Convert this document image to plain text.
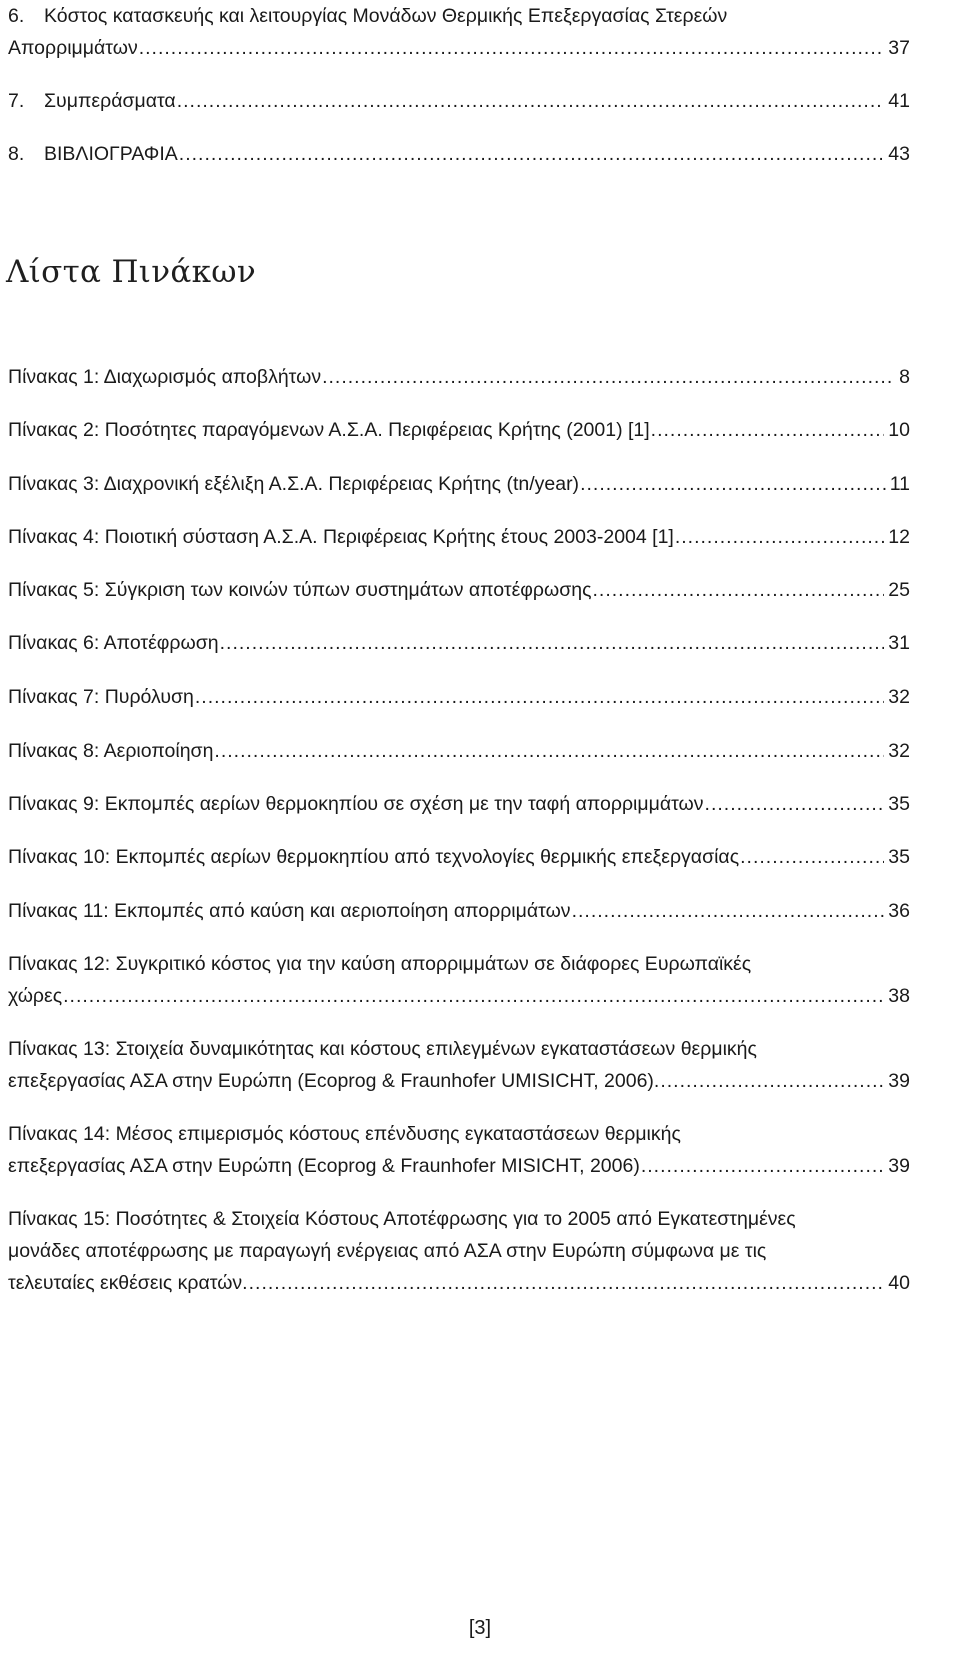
6. Κόστος κατασκευής και λειτουργίας Μονάδων Θερμικής Επεξεργασίας Στερεών
Απορριμμάτων .....	37
7.	Συμπεράσματα .....	41
8.	ΒΙΒΛΙΟΓΡΑΦΙΑ .....	43
Λίστα Πινάκων
Πίνακας 1: Διαχωρισμός αποβλήτων .....	8
Πίνακας 2: Ποσότητες παραγόμενων Α.Σ.Α. Περιφέρειας Κρήτης (2001) [1] .....	10
Πίνακας 3: Διαχρονική εξέλιξη Α.Σ.Α. Περιφέρειας Κρήτης (tn/year) .....	11
Πίνακας 4: Ποιοτική σύσταση Α.Σ.Α. Περιφέρειας Κρήτης έτους 2003-2004 [1] .....	12
Πίνακας 5: Σύγκριση των κοινών τύπων συστημάτων αποτέφρωσης .....	25
Πίνακας 6: Αποτέφρωση .....	31
Πίνακας 7: Πυρόλυση .....	32
Πίνακας 8: Αεριοποίηση .....	32
Πίνακας 9: Εκπομπές αερίων θερμοκηπίου σε σχέση με την ταφή απορριμμάτων .....	35
Πίνακας 10: Εκπομπές αερίων θερμοκηπίου από τεχνολογίες θερμικής επεξεργασίας .....	35
Πίνακας 11: Εκπομπές από καύση και αεριοποίηση απορριμάτων .....	36
Πίνακας 12: Συγκριτικό κόστος για την καύση απορριμμάτων σε διάφορες Ευρωπαϊκές
χώρες .....	38
Πίνακας 13: Στοιχεία δυναμικότητας και κόστους επιλεγμένων εγκαταστάσεων θερμικής
επεξεργασίας ΑΣΑ στην Ευρώπη (Ecoprog & Fraunhofer UMISICHT, 2006). .....	39
Πίνακας 14: Μέσος επιμερισμός κόστους επένδυσης εγκαταστάσεων θερμικής
επεξεργασίας ΑΣΑ στην Ευρώπη (Ecoprog & Fraunhofer MISICHT, 2006) .....	39
Πίνακας 15: Ποσότητες & Στοιχεία Κόστους Αποτέφρωσης για το 2005 από Εγκατεστημένες
μονάδες αποτέφρωσης με παραγωγή ενέργειας από ΑΣΑ στην Ευρώπη σύμφωνα με τις
τελευταίες εκθέσεις κρατών. .....	40
[3]
